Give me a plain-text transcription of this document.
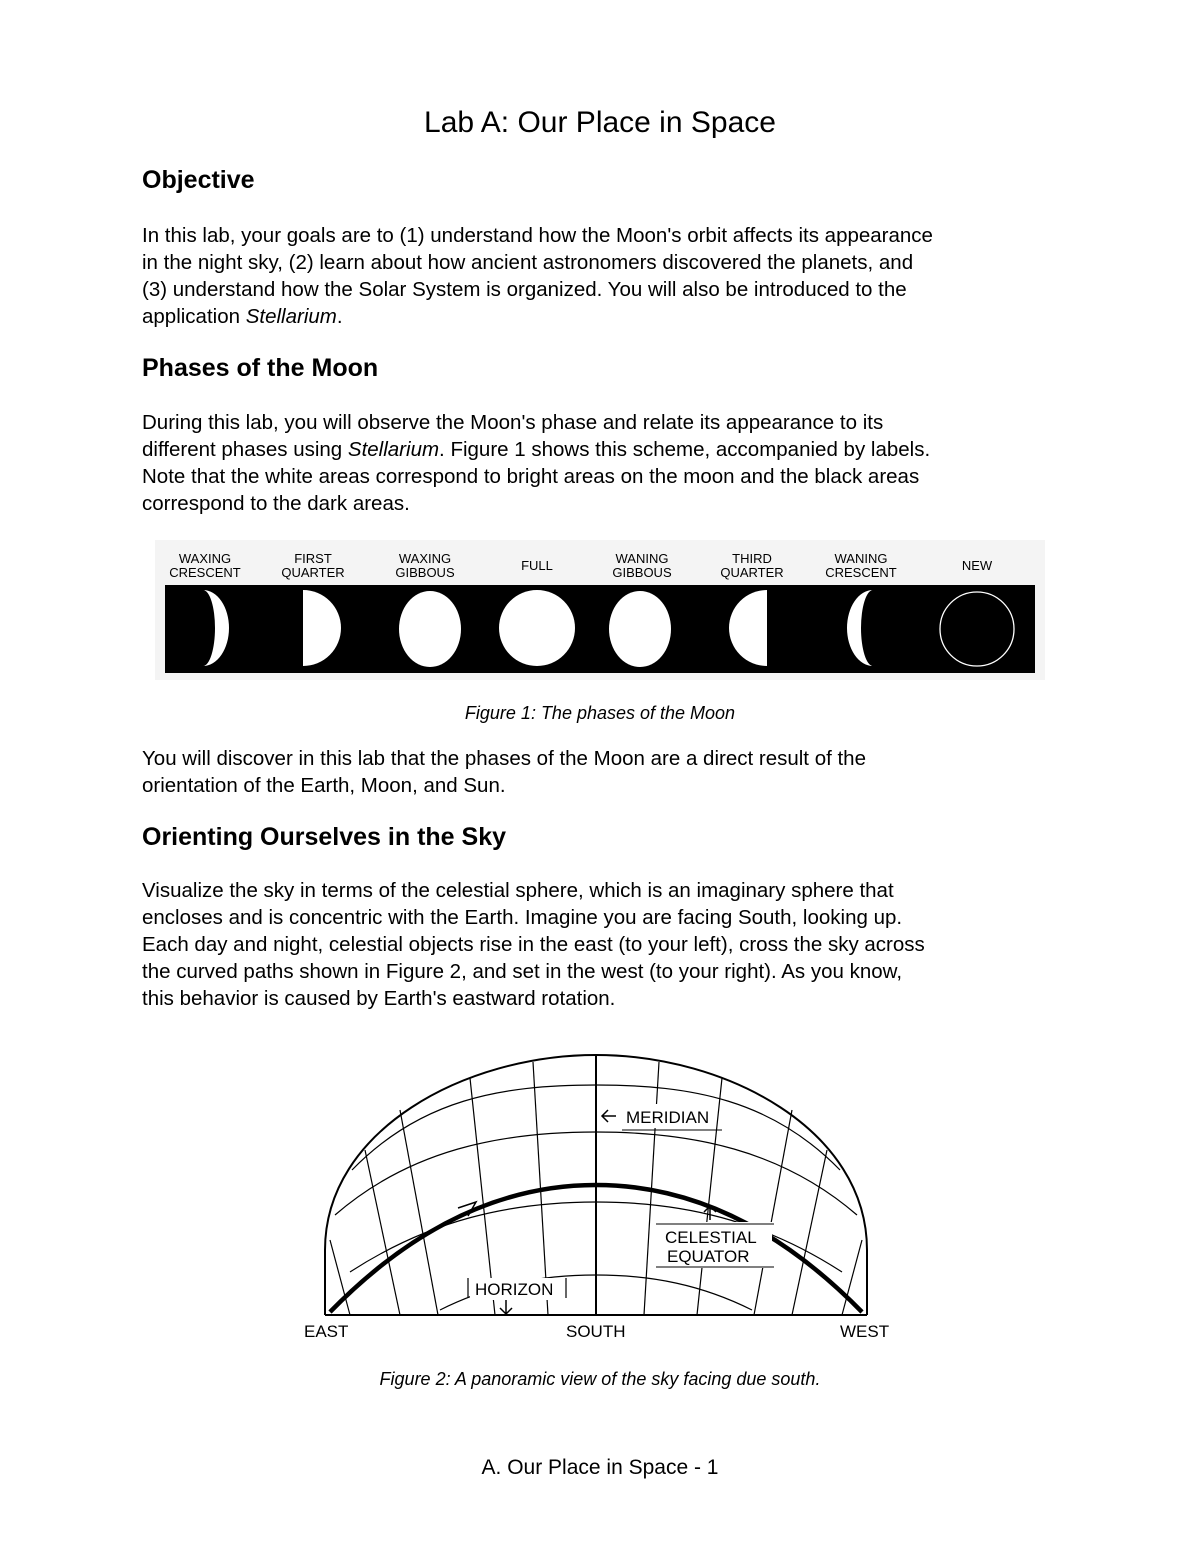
Lab A: Our Place in Space
Objective
In this lab, your goals are to (1) understand how the Moon's orbit affects its appearance
in the night sky, (2) learn about how ancient astronomers discovered the planets, and
(3) understand how the Solar System is organized. You will also be introduced to the
application Stellarium.
Phases of the Moon
During this lab, you will observe the Moon's phase and relate its appearance to its
different phases using Stellarium. Figure 1 shows this scheme, accompanied by labels.
Note that the white areas correspond to bright areas on the moon and the black areas
correspond to the dark areas.
WAXING
CRESCENT
FIRST
QUARTER
WAXING
GIBBOUS	FULL	WANING
GIBBOUS
THIRD
QUARTER
WANING
CRESCENT	NEW
Figure 1: The phases of the Moon
You will discover in this lab that the phases of the Moon are a direct result of the
orientation of the Earth, Moon, and Sun.
Orienting Ourselves in the Sky
Visualize the sky in terms of the celestial sphere, which is an imaginary sphere that
encloses and is concentric with the Earth. Imagine you are facing South, looking up.
Each day and night, celestial objects rise in the east (to your left), cross the sky across
the curved paths shown in Figure 2, and set in the west (to your right). As you know,
this behavior is caused by Earth's eastward rotation.
MERIDIAN
CELESTIAL
EQUATOR
HORIZON
EAST	SOUTH	WEST
Figure 2: A panoramic view of the sky facing due south.
A. Our Place in Space - 1
